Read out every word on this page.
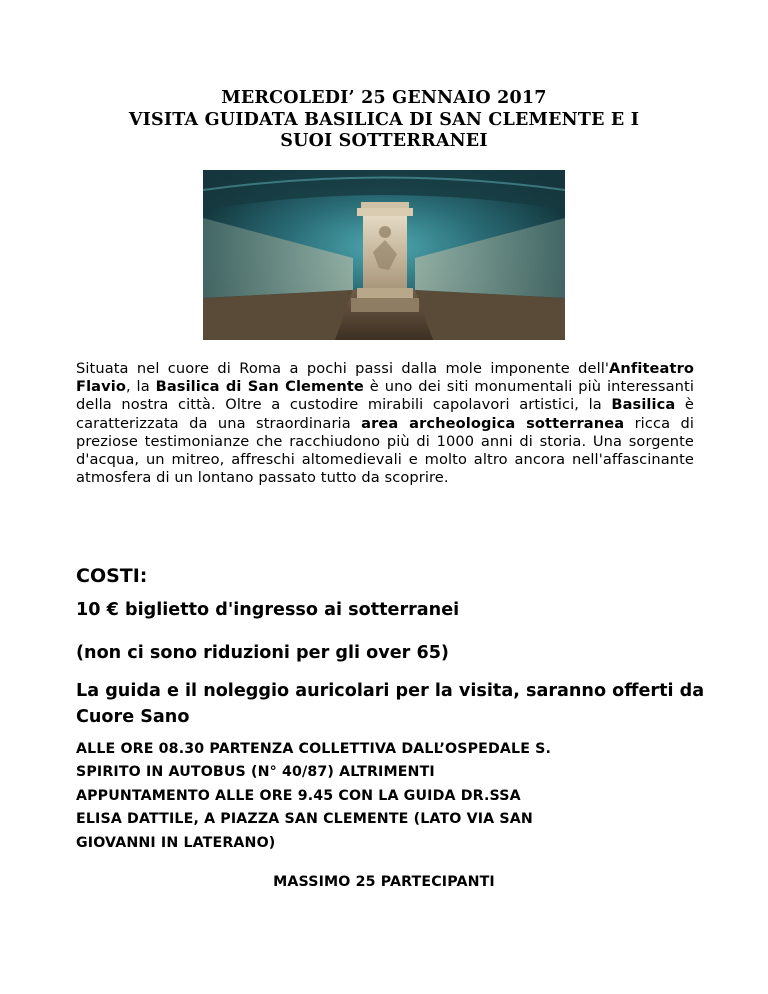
MERCOLEDI’ 25 GENNAIO 2017
VISITA GUIDATA BASILICA DI SAN CLEMENTE E I
SUOI SOTTERRANEI
Situata nel cuore di Roma a pochi passi dalla mole imponente dell'Anfiteatro Flavio, la Basilica di San Clemente è uno dei siti monumentali più interessanti della nostra città. Oltre a custodire mirabili capolavori artistici, la Basilica è caratterizzata da una straordinaria area archeologica sotterranea ricca di preziose testimonianze che racchiudono più di 1000 anni di storia. Una sorgente d'acqua, un mitreo, affreschi altomedievali e molto altro ancora nell'affascinante atmosfera di un lontano passato tutto da scoprire.
COSTI:
10 € biglietto d'ingresso ai sotterranei
(non ci sono riduzioni per gli over 65)
La guida e il noleggio auricolari per la visita, saranno offerti da Cuore Sano
ALLE ORE 08.30 PARTENZA COLLETTIVA DALL’OSPEDALE S.
SPIRITO IN AUTOBUS (N° 40/87) ALTRIMENTI
APPUNTAMENTO ALLE ORE 9.45 CON LA GUIDA DR.SSA
ELISA DATTILE, A PIAZZA SAN CLEMENTE (LATO VIA SAN
GIOVANNI IN LATERANO)
MASSIMO 25 PARTECIPANTI
